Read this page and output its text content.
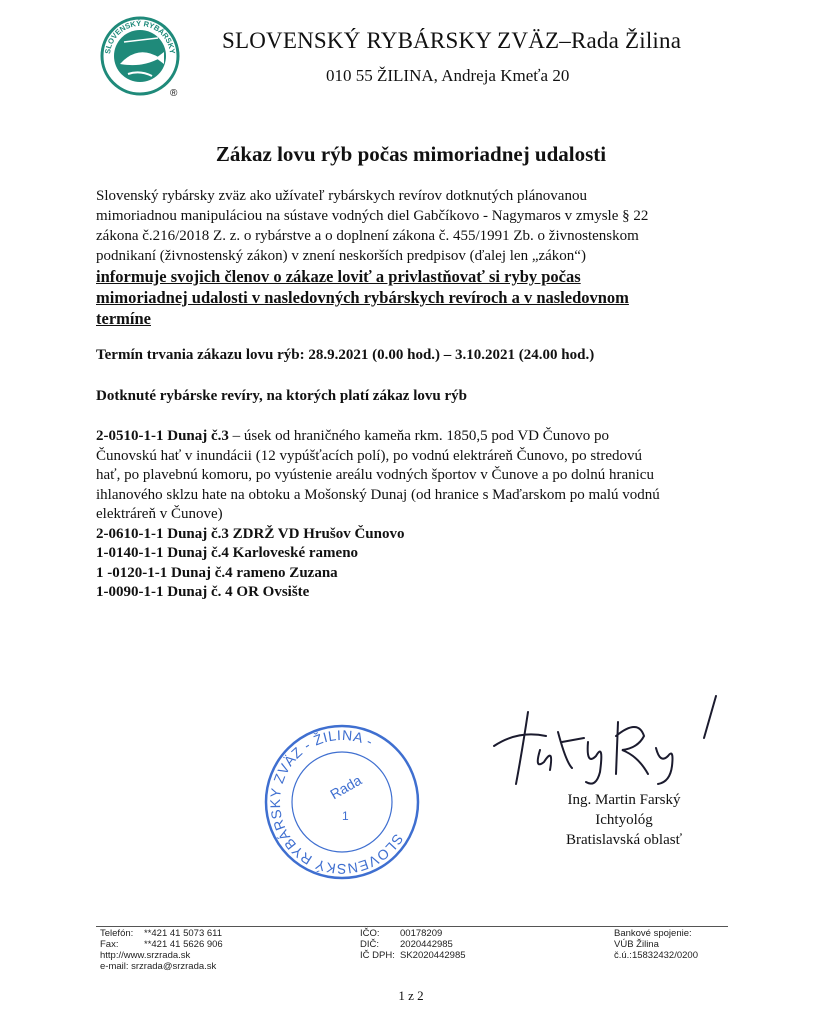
SLOVENSKÝ RYBÁRSKY
®
SLOVENSKÝ RYBÁRSKY ZVÄZ–Rada Žilina
010 55 ŽILINA, Andreja Kmeťa 20
Zákaz lovu rýb počas mimoriadnej udalosti
Slovenský rybársky zväz ako užívateľ rybárskych revírov dotknutých plánovanou
mimoriadnou manipuláciou na sústave vodných diel Gabčíkovo - Nagymaros v zmysle § 22
zákona č.216/2018 Z. z. o rybárstve a o doplnení zákona č. 455/1991 Zb. o živnostenskom
podnikaní (živnostenský zákon) v znení neskorších predpisov (ďalej len „zákon“)
informuje svojich členov o zákaze loviť a privlastňovať si ryby počas
mimoriadnej udalosti v nasledovných rybárskych revíroch a v nasledovnom
termíne
Termín trvania zákazu lovu rýb: 28.9.2021 (0.00 hod.) – 3.10.2021 (24.00 hod.)
Dotknuté rybárske revíry, na ktorých platí zákaz lovu rýb
2-0510-1-1 Dunaj č.3 – úsek od hraničného kameňa rkm. 1850,5 pod VD Čunovo po
Čunovskú hať v inundácii (12 vypúšťacích polí), po vodnú elektráreň Čunovo, po stredovú
hať, po plavebnú komoru, po vyústenie areálu vodných športov v Čunove a po dolnú hranicu
ihlanového sklzu hate na obtoku a Mošonský Dunaj (od hranice s Maďarskom po malú vodnú
elektráreň v Čunove)
2-0610-1-1 Dunaj č.3 ZDRŽ VD Hrušov Čunovo
1-0140-1-1 Dunaj č.4 Karloveské rameno
1 -0120-1-1 Dunaj č.4 rameno Zuzana
1-0090-1-1 Dunaj č. 4 OR Ovsište
SLOVENSKÝ RYBÁRSKY ZVÄZ - ŽILINA -
Rada
1
Ing. Martin Farský
Ichtyológ
Bratislavská oblasť
Telefón: **421 41 5073 611
Fax:	**421 41 5626 906
http://www.srzrada.sk
e-mail: srzrada@srzrada.sk
IČO: 00178209
DIČ: 2020442985
IČ DPH: SK2020442985
Bankové spojenie:
VÚB Žilina
č.ú.:15832432/0200
1 z 2
